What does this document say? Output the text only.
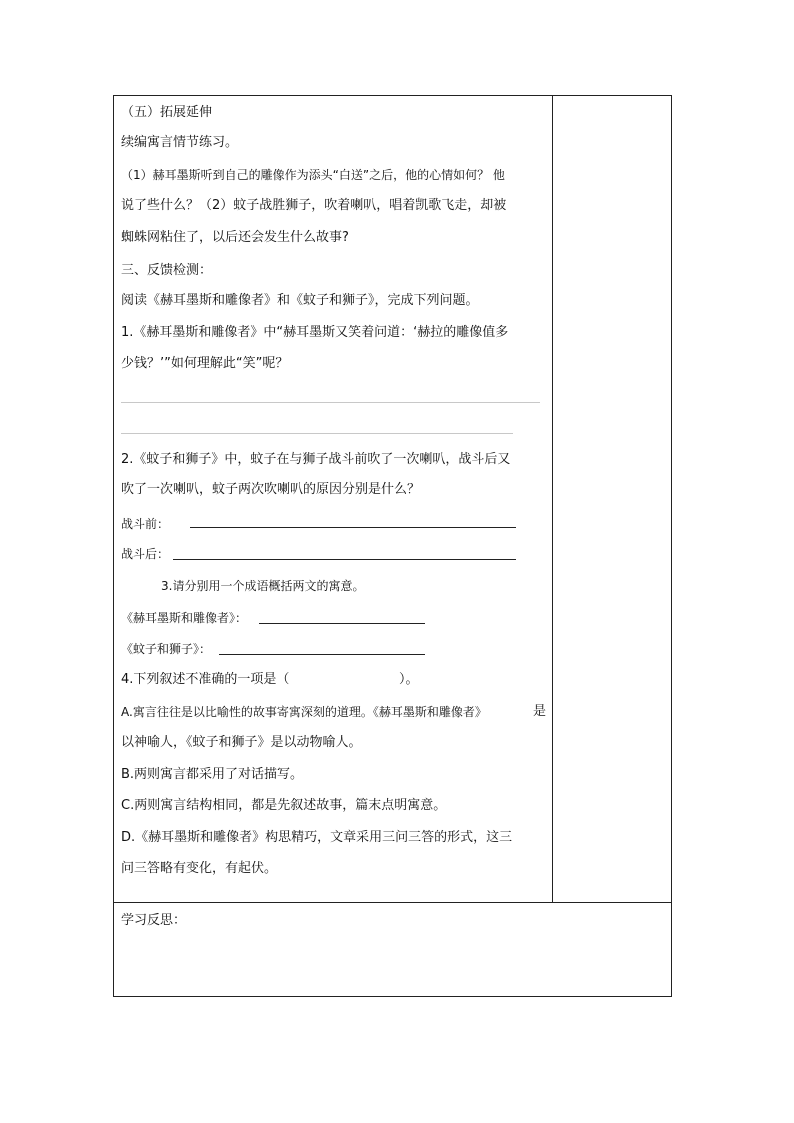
（五）拓展延伸
续编寓言情节练习。
（1）赫耳墨斯听到自己的雕像作为添头“白送”之后，他的心情如何？ 他
说了些什么？（2）蚊子战胜狮子，吹着喇叭，唱着凯歌飞走，却被
蜘蛛网粘住了，以后还会发生什么故事?
三、反馈检测：
阅读《赫耳墨斯和雕像者》和《蚊子和狮子》，完成下列问题。
1.《赫耳墨斯和雕像者》中“赫耳墨斯又笑着问道：‘赫拉的雕像值多
少钱？’”如何理解此“笑”呢？
2.《蚊子和狮子》中，蚊子在与狮子战斗前吹了一次喇叭，战斗后又
吹了一次喇叭，蚊子两次吹喇叭的原因分别是什么？
战斗前：
战斗后：
3.请分别用一个成语概括两文的寓意。
《赫耳墨斯和雕像者》：
《蚊子和狮子》：
4.下列叙述不准确的一项是（	）。
A.寓言往往是以比喻性的故事寄寓深刻的道理。《赫耳墨斯和雕像者》	是
以神喻人，《蚊子和狮子》是以动物喻人。
B.两则寓言都采用了对话描写。
C.两则寓言结构相同，都是先叙述故事，篇末点明寓意。
D.《赫耳墨斯和雕像者》构思精巧，文章采用三问三答的形式，这三
问三答略有变化，有起伏。
学习反思：
